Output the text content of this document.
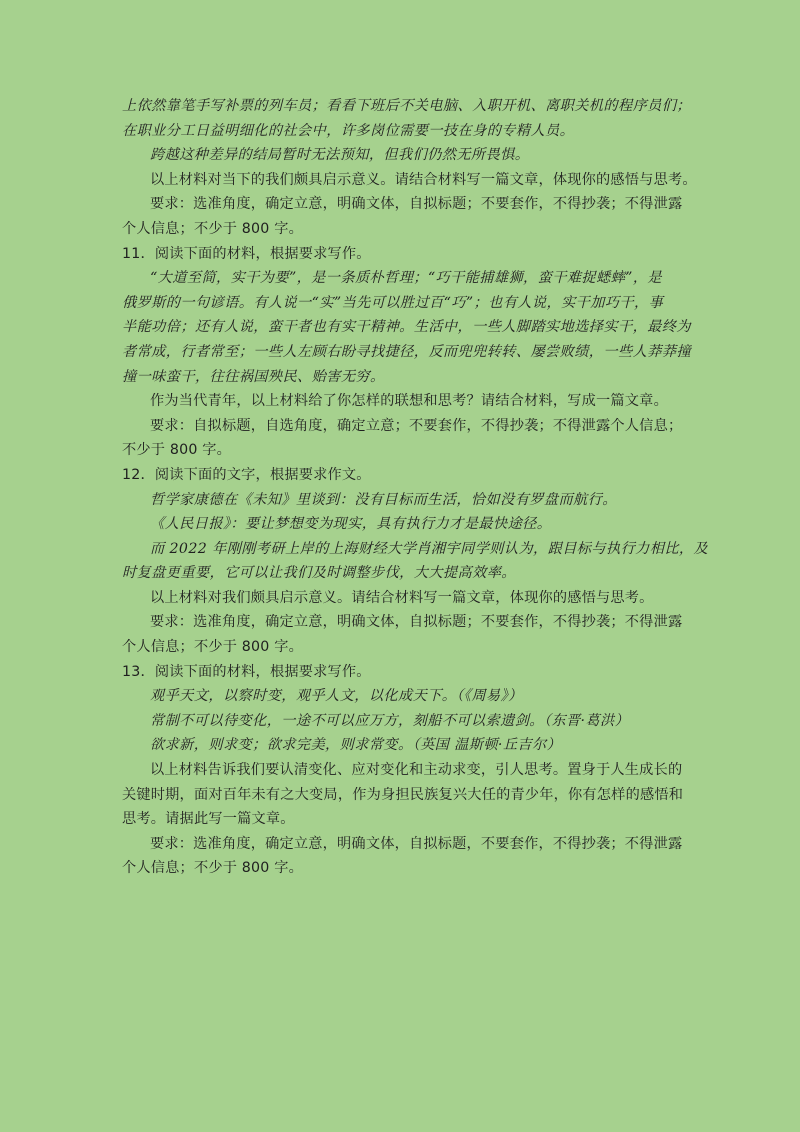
上依然靠笔手写补票的列车员；看看下班后不关电脑、入职开机、离职关机的程序员们；
在职业分工日益明细化的社会中，许多岗位需要一技在身的专精人员。
跨越这种差异的结局暂时无法预知，但我们仍然无所畏惧。
以上材料对当下的我们颇具启示意义。请结合材料写一篇文章，体现你的感悟与思考。
要求：选准角度，确定立意，明确文体，自拟标题；不要套作，不得抄袭；不得泄露
个人信息；不少于 800 字。
11．阅读下面的材料，根据要求写作。
“大道至简，实干为要”，是一条质朴哲理；“巧干能捕雄狮，蛮干难捉蟋蟀”，是
俄罗斯的一句谚语。有人说一“实”当先可以胜过百“巧”；也有人说，实干加巧干，事
半能功倍；还有人说，蛮干者也有实干精神。生活中，一些人脚踏实地选择实干，最终为
者常成，行者常至；一些人左顾右盼寻找捷径，反而兜兜转转、屡尝败绩，一些人莽莽撞
撞一味蛮干，往往祸国殃民、贻害无穷。
作为当代青年，以上材料给了你怎样的联想和思考？请结合材料，写成一篇文章。
要求：自拟标题，自选角度，确定立意；不要套作，不得抄袭；不得泄露个人信息；
不少于 800 字。
12．阅读下面的文字，根据要求作文。
哲学家康德在《未知》里谈到：没有目标而生活，恰如没有罗盘而航行。
《人民日报》：要让梦想变为现实，具有执行力才是最快途径。
而 2022 年刚刚考研上岸的上海财经大学肖湘宇同学则认为，跟目标与执行力相比，及
时复盘更重要，它可以让我们及时调整步伐，大大提高效率。
以上材料对我们颇具启示意义。请结合材料写一篇文章，体现你的感悟与思考。
要求：选准角度，确定立意，明确文体，自拟标题；不要套作，不得抄袭；不得泄露
个人信息；不少于 800 字。
13．阅读下面的材料，根据要求写作。
观乎天文，以察时变，观乎人文，以化成天下。（《周易》）
常制不可以待变化，一途不可以应万方，刻船不可以索遗剑。（东晋·葛洪）
欲求新，则求变；欲求完美，则求常变。（英国 温斯顿·丘吉尔）
以上材料告诉我们要认清变化、应对变化和主动求变，引人思考。置身于人生成长的
关键时期，面对百年未有之大变局，作为身担民族复兴大任的青少年，你有怎样的感悟和
思考。请据此写一篇文章。
要求：选准角度，确定立意，明确文体，自拟标题，不要套作，不得抄袭；不得泄露
个人信息；不少于 800 字。
